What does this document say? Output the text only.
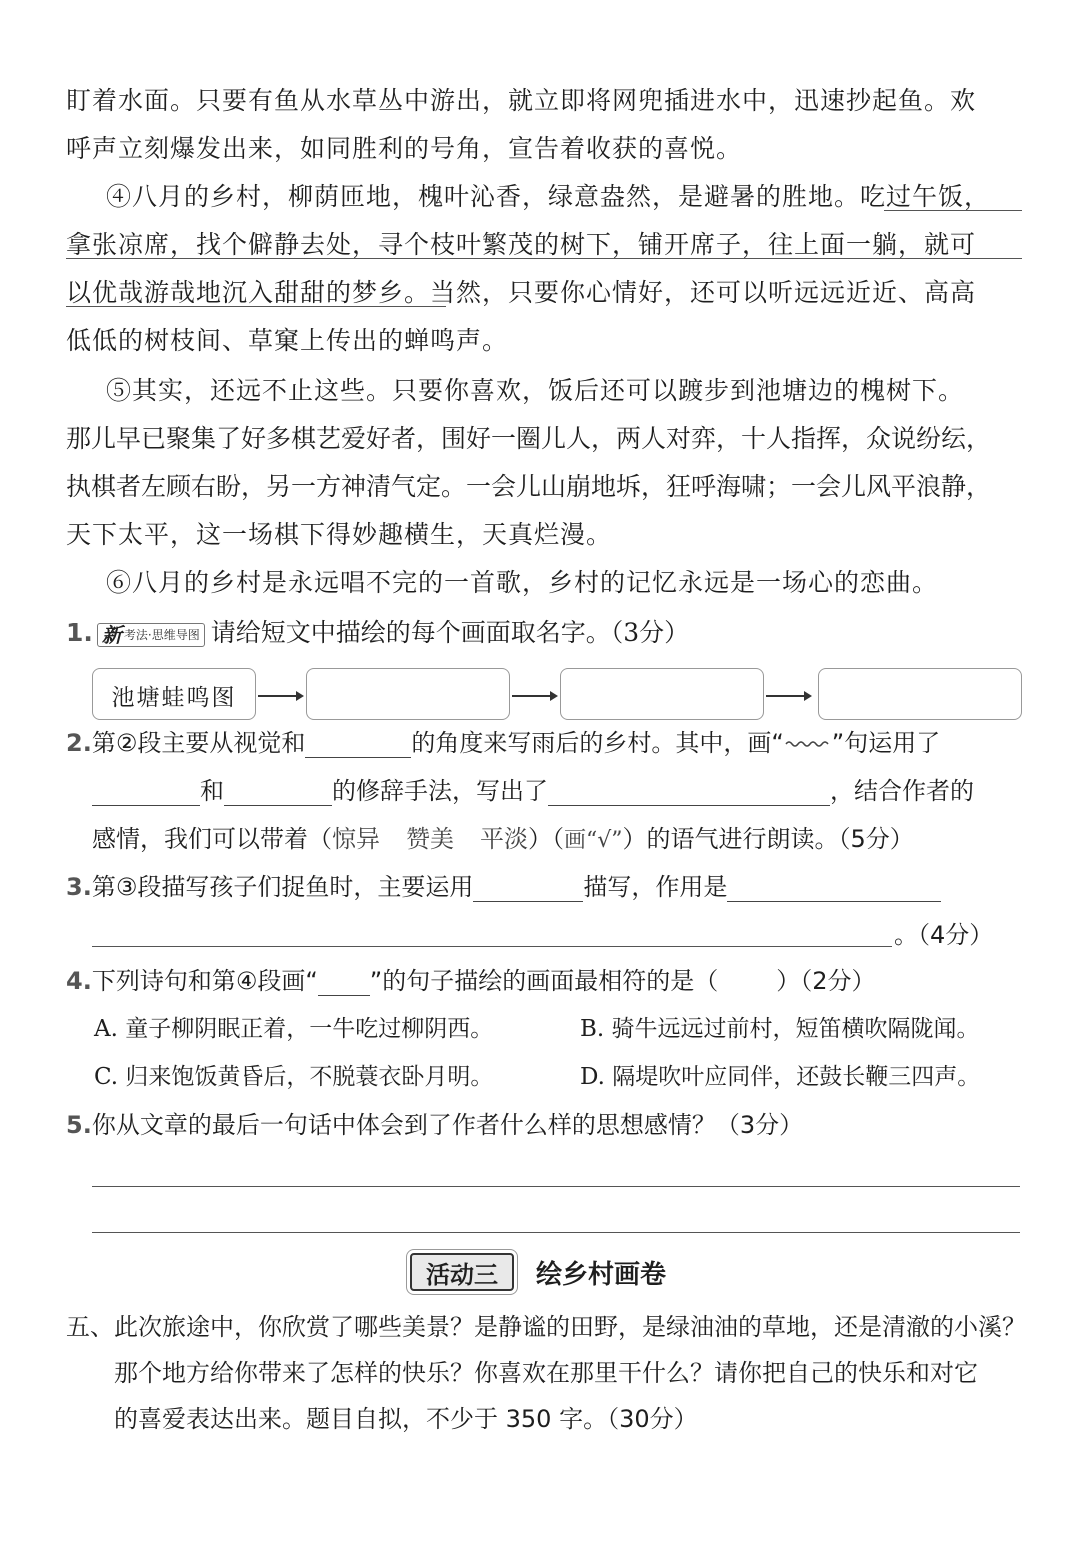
盯着水面。只要有鱼从水草丛中游出，就立即将网兜插进水中，迅速抄起鱼。欢
呼声立刻爆发出来，如同胜利的号角，宣告着收获的喜悦。
④八月的乡村，柳荫匝地，槐叶沁香，绿意盎然，是避暑的胜地。吃过午饭，
拿张凉席，找个僻静去处，寻个枝叶繁茂的树下，铺开席子，往上面一躺，就可
以优哉游哉地沉入甜甜的梦乡。当然，只要你心情好，还可以听远远近近、高高
低低的树枝间、草窠上传出的蝉鸣声。
⑤其实，还远不止这些。只要你喜欢，饭后还可以踱步到池塘边的槐树下。
那儿早已聚集了好多棋艺爱好者，围好一圈儿人，两人对弈，十人指挥，众说纷纭，
执棋者左顾右盼，另一方神清气定。一会儿山崩地坼，狂呼海啸；一会儿风平浪静，
天下太平，这一场棋下得妙趣横生，天真烂漫。
⑥八月的乡村是永远唱不完的一首歌，乡村的记忆永远是一场心的恋曲。
1. 新 考法·思维导图 请给短文中描绘的每个画面取名字。（3分）
池塘蛙鸣图
2.第②段主要从视觉和	的角度来写雨后的乡村。其中，画“ ”句运用了
和	的修辞手法，写出了	，结合作者的
感情，我们可以带着（惊异 赞美 平淡）（画“√”）的语气进行朗读。（5分）
3.第③段描写孩子们捉鱼时，主要运用	描写，作用是
。（4分）
4.下列诗句和第④段画“ ”的句子描绘的画面最相符的是（ ）（2分）
A. 童子柳阴眠正着，一牛吃过柳阴西。	B. 骑牛远远过前村，短笛横吹隔陇闻。
C. 归来饱饭黄昏后，不脱蓑衣卧月明。	D. 隔堤吹叶应同伴，还鼓长鞭三四声。
5.你从文章的最后一句话中体会到了作者什么样的思想感情？（3分）
活动三	绘乡村画卷
五、此次旅途中，你欣赏了哪些美景？是静谧的田野，是绿油油的草地，还是清澈的小溪？
那个地方给你带来了怎样的快乐？你喜欢在那里干什么？请你把自己的快乐和对它
的喜爱表达出来。题目自拟，不少于 350 字。（30分）
